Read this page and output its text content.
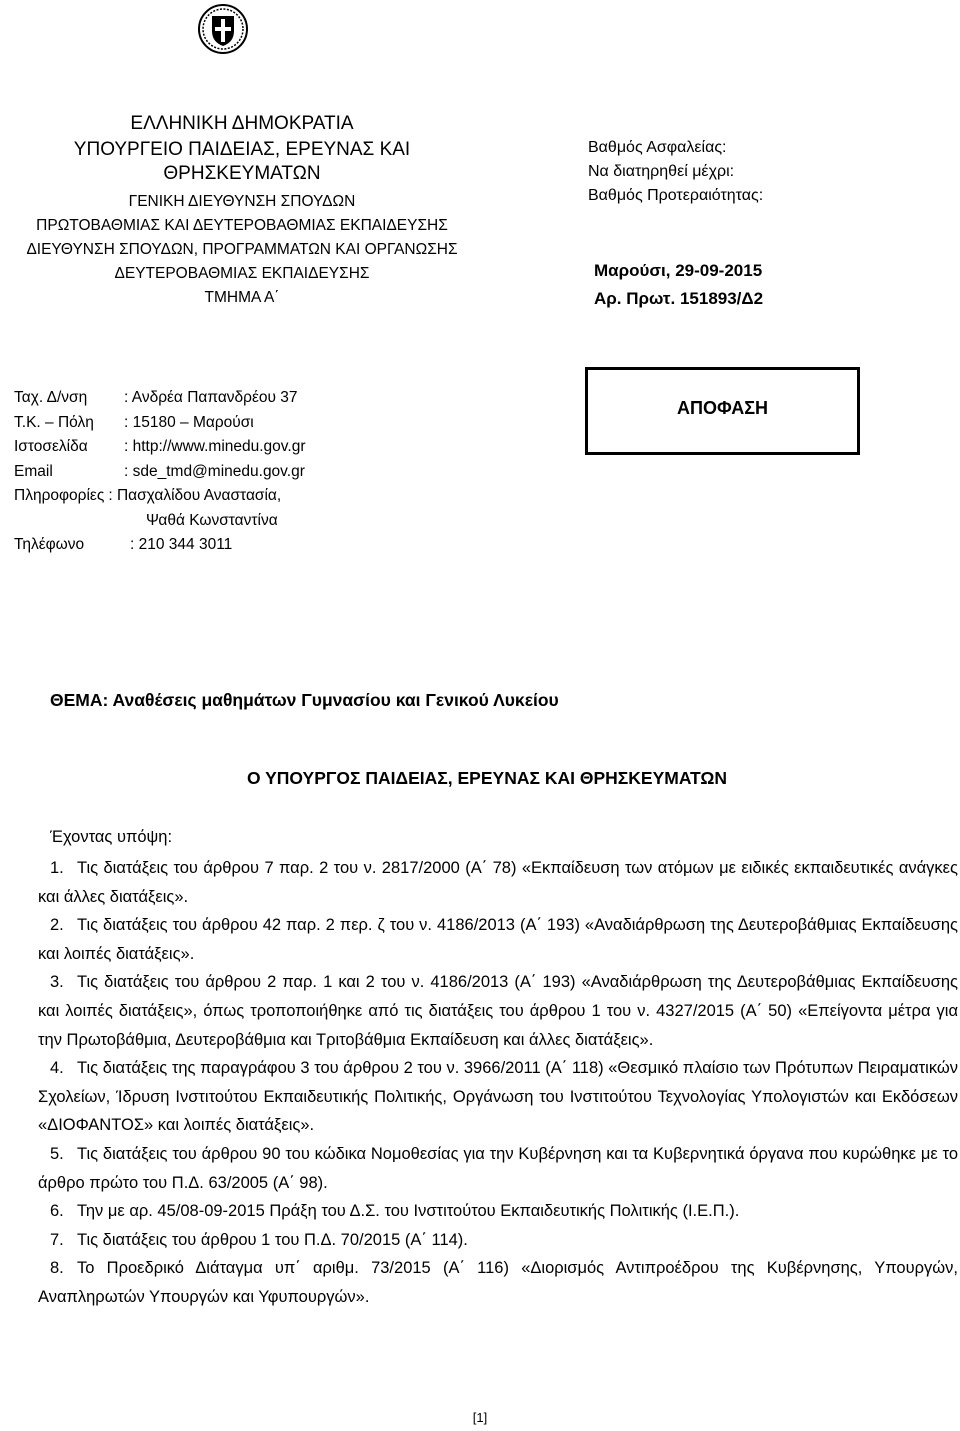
ΕΛΛΗΝΙΚΗ ΔΗΜΟΚΡΑΤΙΑ
ΥΠΟΥΡΓΕΙΟ ΠΑΙΔΕΙΑΣ, ΕΡΕΥΝΑΣ ΚΑΙ ΘΡΗΣΚΕΥΜΑΤΩΝ
ΓΕΝΙΚΗ ΔΙΕΥΘΥΝΣΗ ΣΠΟΥΔΩΝ
ΠΡΩΤΟΒΑΘΜΙΑΣ ΚΑΙ ΔΕΥΤΕΡΟΒΑΘΜΙΑΣ ΕΚΠΑΙΔΕΥΣΗΣ
ΔΙΕΥΘΥΝΣΗ ΣΠΟΥΔΩΝ, ΠΡΟΓΡΑΜΜΑΤΩΝ ΚΑΙ ΟΡΓΑΝΩΣΗΣ
ΔΕΥΤΕΡΟΒΑΘΜΙΑΣ ΕΚΠΑΙΔΕΥΣΗΣ
ΤΜΗΜΑ Α΄
Βαθμός Ασφαλείας:
Να διατηρηθεί μέχρι:
Βαθμός Προτεραιότητας:
Μαρούσι, 29-09-2015
Αρ. Πρωτ. 151893/Δ2
Ταχ. Δ/νση	: Ανδρέα Παπανδρέου 37
Τ.Κ. – Πόλη	: 15180 – Μαρούσι
Ιστοσελίδα	: http://www.minedu.gov.gr
Email	: sde_tmd@minedu.gov.gr
Πληροφορίες : Πασχαλίδου Αναστασία,
Ψαθά Κωνσταντίνα
Τηλέφωνο	: 210 344 3011
ΑΠΟΦΑΣΗ
ΘΕΜΑ: Αναθέσεις μαθημάτων Γυμνασίου και Γενικού Λυκείου
Ο ΥΠΟΥΡΓΟΣ ΠΑΙΔΕΙΑΣ, ΕΡΕΥΝΑΣ ΚΑΙ ΘΡΗΣΚΕΥΜΑΤΩΝ
Έχοντας υπόψη:

1. Τις διατάξεις του άρθρου 7 παρ. 2 του ν. 2817/2000 (Α΄ 78) «Εκπαίδευση των ατόμων με ειδικές εκπαιδευτικές ανάγκες και άλλες διατάξεις».

2. Τις διατάξεις του άρθρου 42 παρ. 2 περ. ζ του ν. 4186/2013 (Α΄ 193) «Αναδιάρθρωση της Δευτεροβάθμιας Εκπαίδευσης και λοιπές διατάξεις».

3. Τις διατάξεις του άρθρου 2 παρ. 1 και 2 του ν. 4186/2013 (Α΄ 193) «Αναδιάρθρωση της Δευτεροβάθμιας Εκπαίδευσης και λοιπές διατάξεις», όπως τροποποιήθηκε από τις διατάξεις του άρθρου 1 του ν. 4327/2015 (Α΄ 50) «Επείγοντα μέτρα για την Πρωτοβάθμια, Δευτεροβάθμια και Τριτοβάθμια Εκπαίδευση και άλλες διατάξεις».

4. Τις διατάξεις της παραγράφου 3 του άρθρου 2 του ν. 3966/2011 (Α΄ 118) «Θεσμικό πλαίσιο των Πρότυπων Πειραματικών Σχολείων, Ίδρυση Ινστιτούτου Εκπαιδευτικής Πολιτικής, Οργάνωση του Ινστιτούτου Τεχνολογίας Υπολογιστών και Εκδόσεων «ΔΙΟΦΑΝΤΟΣ» και λοιπές διατάξεις».

5. Τις διατάξεις του άρθρου 90 του κώδικα Νομοθεσίας για την Κυβέρνηση και τα Κυβερνητικά όργανα που κυρώθηκε με το άρθρο πρώτο του Π.Δ. 63/2005 (Α΄ 98).

6. Την με αρ. 45/08-09-2015 Πράξη του Δ.Σ. του Ινστιτούτου Εκπαιδευτικής Πολιτικής (Ι.Ε.Π.).

7. Τις διατάξεις του άρθρου 1 του Π.Δ. 70/2015 (Α΄ 114).

8. Το Προεδρικό Διάταγμα υπ΄ αριθμ. 73/2015 (Α΄ 116) «Διορισμός Αντιπροέδρου της Κυβέρνησης, Υπουργών, Αναπληρωτών Υπουργών και Υφυπουργών».

[1]
